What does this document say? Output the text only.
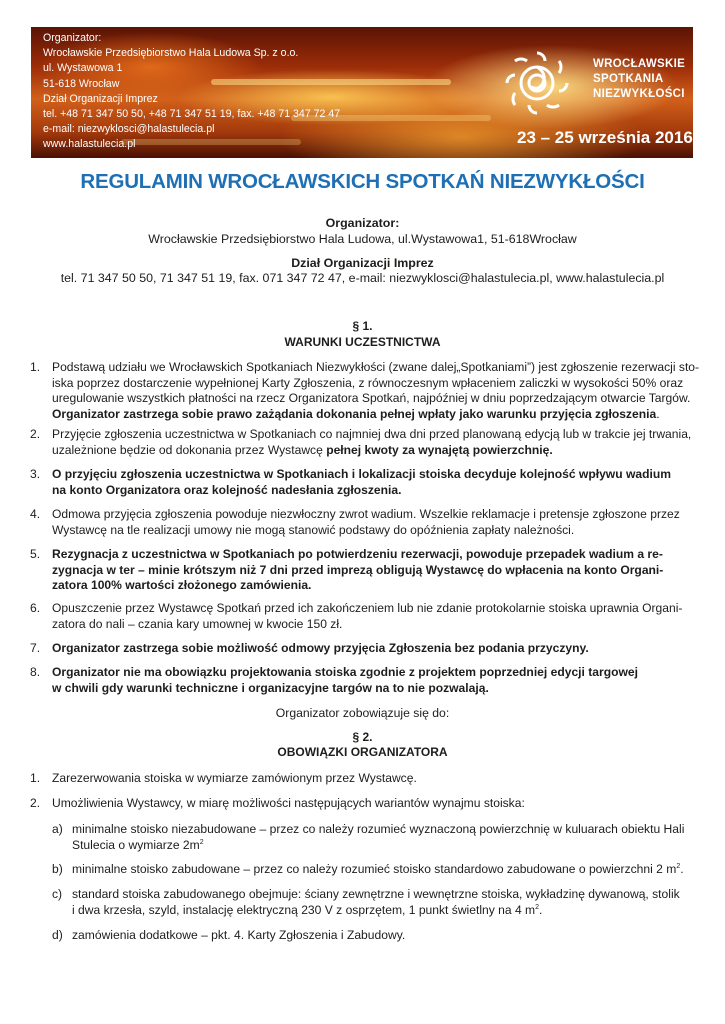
Organizator:
Wrocławskie Przedsiębiorstwo Hala Ludowa Sp. z o.o.
ul. Wystawowa 1
51-618 Wrocław
Dział Organizacji Imprez
tel. +48 71 347 50 50, +48 71 347 51 19, fax. +48 71 347 72 47
e-mail: niezwyklosci@halastulecia.pl
www.halastulecia.pl
WROCŁAWSKIE
SPOTKANIA
NIEZWYKŁOŚCI
23 – 25 września 2016
REGULAMIN WROCŁAWSKICH SPOTKAŃ NIEZWYKŁOŚCI
Organizator:
Wrocławskie Przedsiębiorstwo Hala Ludowa, ul.Wystawowa1, 51-618Wrocław
Dział Organizacji Imprez
tel. 71 347 50 50, 71 347 51 19, fax. 071 347 72 47, e-mail: niezwyklosci@halastulecia.pl, www.halastulecia.pl
§ 1.
WARUNKI UCZESTNICTWA
1. Podstawą udziału we Wrocławskich Spotkaniach Niezwykłości (zwane dalej„Spotkaniami”) jest zgłoszenie rezerwacji sto-
iska poprzez dostarczenie wypełnionej Karty Zgłoszenia, z równoczesnym wpłaceniem zaliczki w wysokości 50% oraz
uregulowanie wszystkich płatności na rzecz Organizatora Spotkań, najpóźniej w dniu poprzedzającym otwarcie Targów.
Organizator zastrzega sobie prawo zażądania dokonania pełnej wpłaty jako warunku przyjęcia zgłoszenia.
2. Przyjęcie zgłoszenia uczestnictwa w Spotkaniach co najmniej dwa dni przed planowaną edycją lub w trakcie jej trwania,
uzależnione będzie od dokonania przez Wystawcę pełnej kwoty za wynajętą powierzchnię.
3. O przyjęciu zgłoszenia uczestnictwa w Spotkaniach i lokalizacji stoiska decyduje kolejność wpływu wadium
na konto Organizatora oraz kolejność nadesłania zgłoszenia.
4. Odmowa przyjęcia zgłoszenia powoduje niezwłoczny zwrot wadium. Wszelkie reklamacje i pretensje zgłoszone przez
Wystawcę na tle realizacji umowy nie mogą stanowić podstawy do opóźnienia zapłaty należności.
5. Rezygnacja z uczestnictwa w Spotkaniach po potwierdzeniu rezerwacji, powoduje przepadek wadium a re-
zygnacja w ter – minie krótszym niż 7 dni przed imprezą obligują Wystawcę do wpłacenia na konto Organi-
zatora 100% wartości złożonego zamówienia.
6. Opuszczenie przez Wystawcę Spotkań przed ich zakończeniem lub nie zdanie protokolarnie stoiska uprawnia Organi-
zatora do nali – czania kary umownej w kwocie 150 zł.
7. Organizator zastrzega sobie możliwość odmowy przyjęcia Zgłoszenia bez podania przyczyny.
8. Organizator nie ma obowiązku projektowania stoiska zgodnie z projektem poprzedniej edycji targowej
w chwili gdy warunki techniczne i organizacyjne targów na to nie pozwalają.
Organizator zobowiązuje się do:
§ 2.
OBOWIĄZKI ORGANIZATORA
1. Zarezerwowania stoiska w wymiarze zamówionym przez Wystawcę.
2. Umożliwienia Wystawcy, w miarę możliwości następujących wariantów wynajmu stoiska:
a) minimalne stoisko niezabudowane – przez co należy rozumieć wyznaczoną powierzchnię w kuluarach obiektu Hali
Stulecia o wymiarze $2m^2$
b) minimalne stoisko zabudowane – przez co należy rozumieć stoisko standardowo zabudowane o powierzchni 2 $m^2$.
c) standard stoiska zabudowanego obejmuje: ściany zewnętrzne i wewnętrzne stoiska, wykładzinę dywanową, stolik
i dwa krzesła, szyld, instalację elektryczną 230 V z osprzętem, 1 punkt świetlny na 4 $m^2$.
d) zamówienia dodatkowe – pkt. 4. Karty Zgłoszenia i Zabudowy.
